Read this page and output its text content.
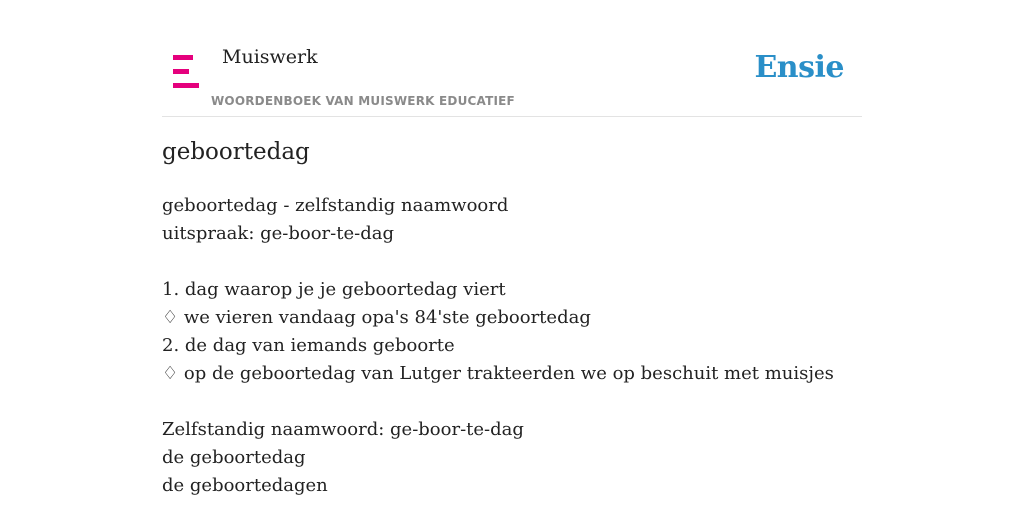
Muiswerk
WOORDENBOEK VAN MUISWERK EDUCATIEF
Ensie
geboortedag
geboortedag - zelfstandig naamwoord
uitspraak: ge-boor-te-dag
1. dag waarop je je geboortedag viert
♢ we vieren vandaag opa's 84'ste geboortedag
2. de dag van iemands geboorte
♢ op de geboortedag van Lutger trakteerden we op beschuit met muisjes
Zelfstandig naamwoord: ge-boor-te-dag
de geboortedag
de geboortedagen
